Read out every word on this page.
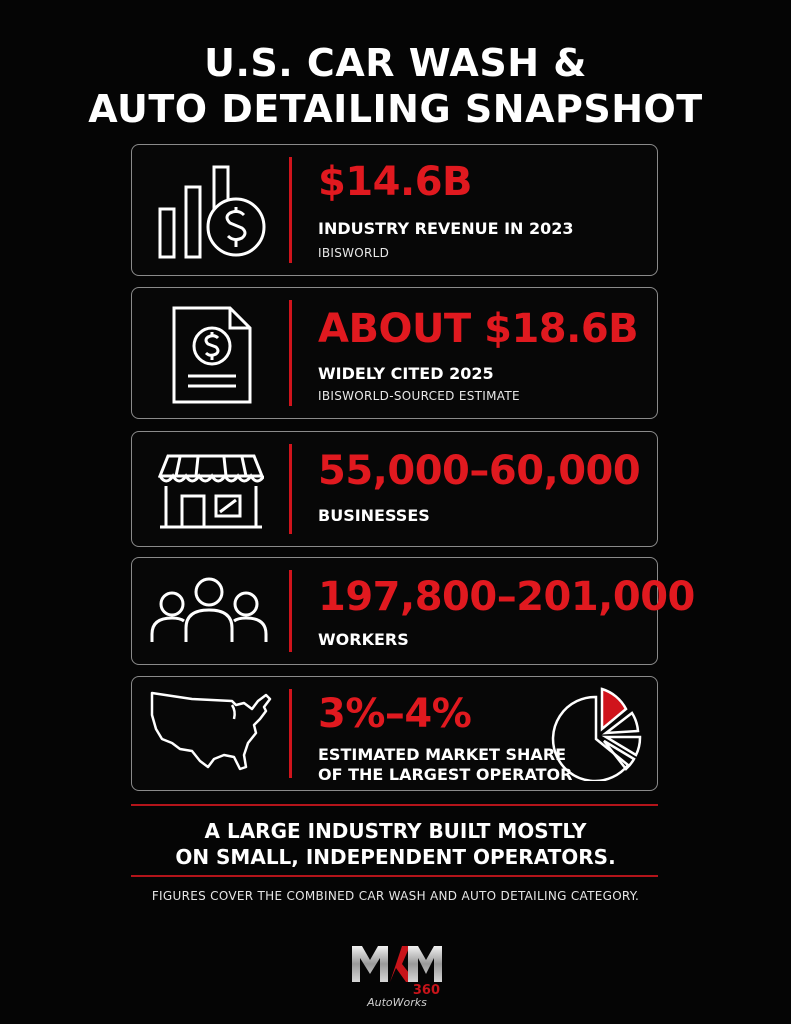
U.S. CAR WASH &
AUTO DETAILING SNAPSHOT
$14.6B
INDUSTRY REVENUE IN 2023
IBISWORLD
ABOUT $18.6B
WIDELY CITED 2025
IBISWORLD-SOURCED ESTIMATE
55,000–60,000
BUSINESSES
197,800–201,000
WORKERS
3%–4%
ESTIMATED MARKET SHARE
OF THE LARGEST OPERATOR
A LARGE INDUSTRY BUILT MOSTLY
ON SMALL, INDEPENDENT OPERATORS.
FIGURES COVER THE COMBINED CAR WASH AND AUTO DETAILING CATEGORY.
360
AutoWorks
